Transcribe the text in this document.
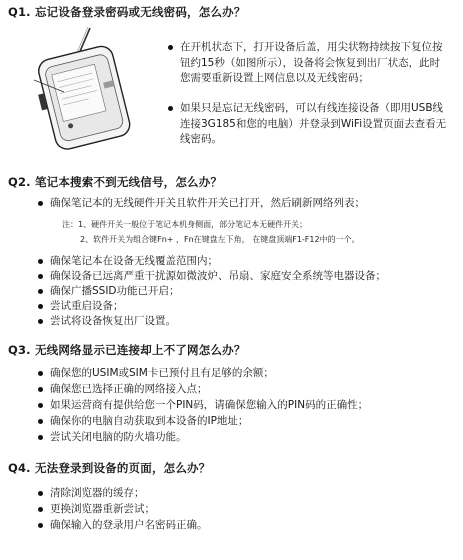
Q1. 忘记设备登录密码或无线密码，怎么办？
在开机状态下，打开设备后盖，用尖状物持续按下复位按钮约15秒（如图所示），设备将会恢复到出厂状态，此时您需要重新设置上网信息以及无线密码；
如果只是忘记无线密码，可以有线连接设备（即用USB线连接3G185和您的电脑）并登录到WiFi设置页面去查看无线密码。
Q2. 笔记本搜索不到无线信号，怎么办？
确保笔记本的无线硬件开关且软件开关已打开，然后刷新网络列表；
注：1、硬件开关一般位于笔记本机身侧面，部分笔记本无硬件开关；
2、软件开关为组合键Fn+ ，Fn在键盘左下角， 在键盘顶端F1-F12中的一个。
确保笔记本在设备无线覆盖范围内；
确保设备已远离严重干扰源如微波炉、吊扇、家庭安全系统等电器设备；
确保广播SSID功能已开启；
尝试重启设备；
尝试将设备恢复出厂设置。
Q3. 无线网络显示已连接却上不了网怎么办？
确保您的USIM或SIM卡已预付且有足够的余额；
确保您已选择正确的网络接入点；
如果运营商有提供给您一个PIN码，请确保您输入的PIN码的正确性；
确保你的电脑自动获取到本设备的IP地址；
尝试关闭电脑的防火墙功能。
Q4. 无法登录到设备的页面，怎么办？
清除浏览器的缓存；
更换浏览器重新尝试；
确保输入的登录用户名密码正确。
